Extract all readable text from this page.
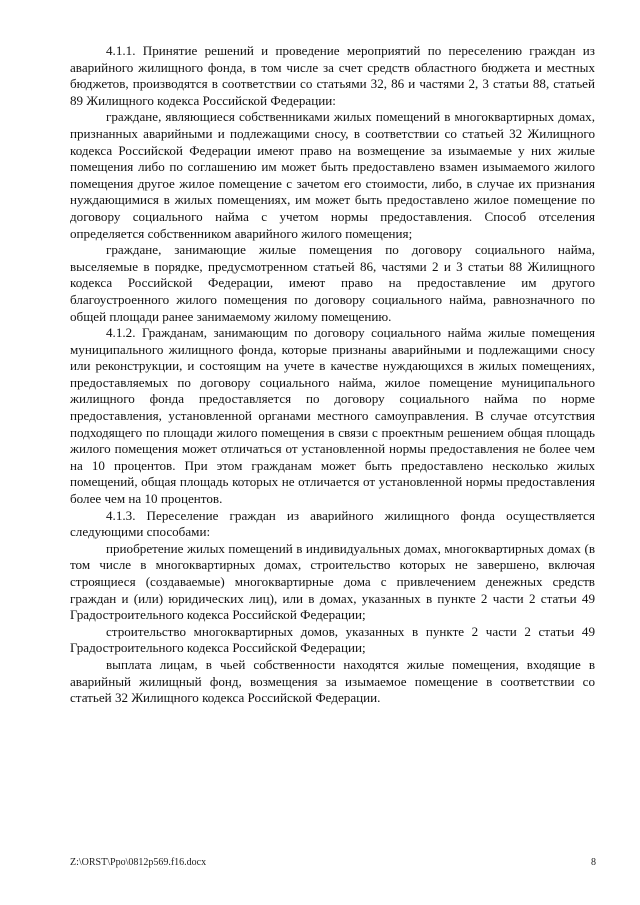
4.1.1. Принятие решений и проведение мероприятий по переселению граждан из аварийного жилищного фонда, в том числе за счет средств областного бюджета и местных бюджетов, производятся в соответствии со статьями 32, 86 и частями 2, 3 статьи 88, статьей 89 Жилищного кодекса Российской Федерации:

граждане, являющиеся собственниками жилых помещений в многоквартирных домах, признанных аварийными и подлежащими сносу, в соответствии со статьей 32 Жилищного кодекса Российской Федерации имеют право на возмещение за изымаемые у них жилые помещения либо по соглашению им может быть предоставлено взамен изымаемого жилого помещения другое жилое помещение с зачетом его стоимости, либо, в случае их признания нуждающимися в жилых помещениях, им может быть предоставлено жилое помещение по договору социального найма с учетом нормы предоставления. Способ отселения определяется собственником аварийного жилого помещения;

граждане, занимающие жилые помещения по договору социального найма, выселяемые в порядке, предусмотренном статьей 86, частями 2 и 3 статьи 88 Жилищного кодекса Российской Федерации, имеют право на предоставление им другого благоустроенного жилого помещения по договору социального найма, равнозначного по общей площади ранее занимаемому жилому помещению.

4.1.2. Гражданам, занимающим по договору социального найма жилые помещения муниципального жилищного фонда, которые признаны аварийными и подлежащими сносу или реконструкции, и состоящим на учете в качестве нуждающихся в жилых помещениях, предоставляемых по договору социального найма, жилое помещение муниципального жилищного фонда предоставляется по договору социального найма по норме предоставления, установленной органами местного самоуправления. В случае отсутствия подходящего по площади жилого помещения в связи с проектным решением общая площадь жилого помещения может отличаться от установленной нормы предоставления не более чем на 10 процентов. При этом гражданам может быть предоставлено несколько жилых помещений, общая площадь которых не отличается от установленной нормы предоставления более чем на 10 процентов.

4.1.3. Переселение граждан из аварийного жилищного фонда осуществляется следующими способами:

приобретение жилых помещений в индивидуальных домах, многоквартирных домах (в том числе в многоквартирных домах, строительство которых не завершено, включая строящиеся (создаваемые) многоквартирные дома с привлечением денежных средств граждан и (или) юридических лиц), или в домах, указанных в пункте 2 части 2 статьи 49 Градостроительного кодекса Российской Федерации;

строительство многоквартирных домов, указанных в пункте 2 части 2 статьи 49 Градостроительного кодекса Российской Федерации;

выплата лицам, в чьей собственности находятся жилые помещения, входящие в аварийный жилищный фонд, возмещения за изымаемое помещение в соответствии со статьей 32 Жилищного кодекса Российской Федерации.

Z:\ORST\Ppo\0812p569.f16.docx	8
